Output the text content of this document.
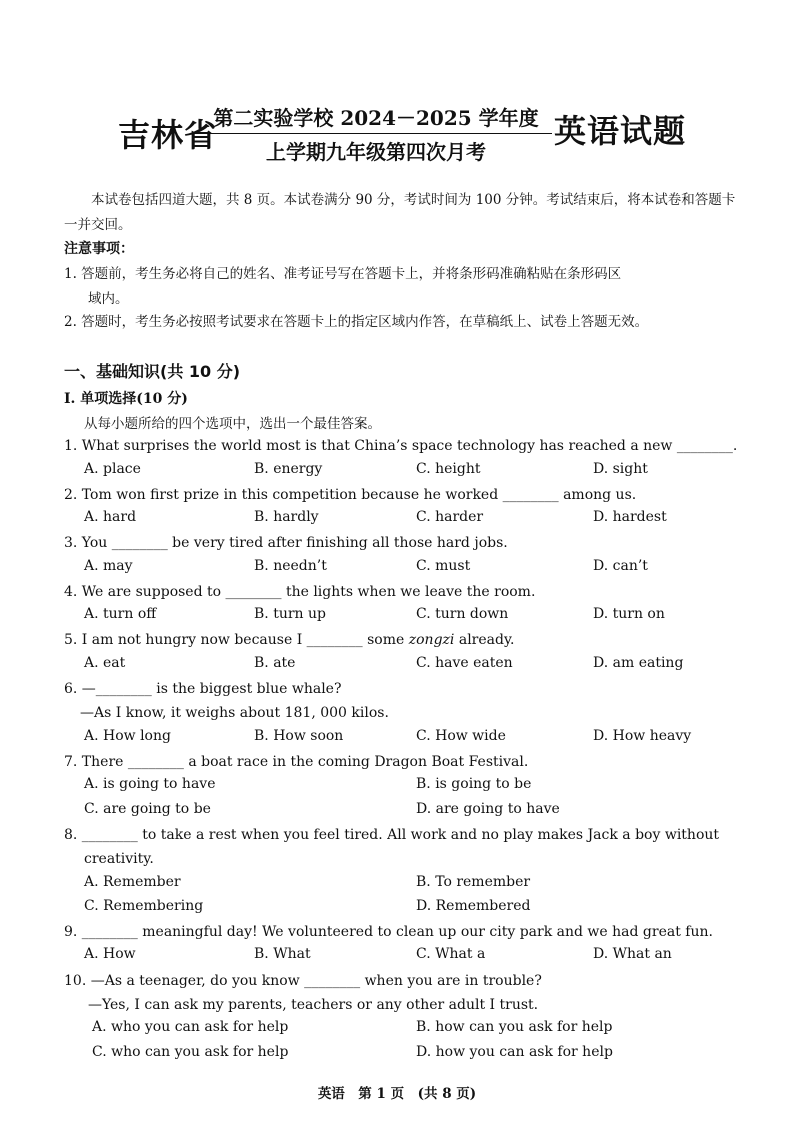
吉林省
第二实验学校 2024－2025 学年度
上学期九年级第四次月考
英语试题
本试卷包括四道大题，共 8 页。本试卷满分 90 分，考试时间为 100 分钟。考试结束后，将本试卷和答题卡一并交回。
注意事项：
1. 答题前，考生务必将自己的姓名、准考证号写在答题卡上，并将条形码准确粘贴在条形码区
域内。
2. 答题时，考生务必按照考试要求在答题卡上的指定区域内作答，在草稿纸上、试卷上答题无效。
一、基础知识(共 10 分)
Ⅰ. 单项选择(10 分)
从每小题所给的四个选项中，选出一个最佳答案。
1. What surprises the world most is that China’s space technology has reached a new ________.
A. place	B. energy	C. height	D. sight
2. Tom won first prize in this competition because he worked ________ among us.
A. hard	B. hardly	C. harder	D. hardest
3. You ________ be very tired after finishing all those hard jobs.
A. may	B. needn’t	C. must	D. can’t
4. We are supposed to ________ the lights when we leave the room.
A. turn off	B. turn up	C. turn down	D. turn on
5. I am not hungry now because I ________ some zongzi already.
A. eat	B. ate	C. have eaten	D. am eating
6. —________ is the biggest blue whale?
—As I know, it weighs about 181, 000 kilos.
A. How long	B. How soon	C. How wide	D. How heavy
7. There ________ a boat race in the coming Dragon Boat Festival.
A. is going to have	B. is going to be
C. are going to be	D. are going to have
8. ________ to take a rest when you feel tired. All work and no play makes Jack a boy without
creativity.
A. Remember	B. To remember
C. Remembering	D. Remembered
9. ________ meaningful day! We volunteered to clean up our city park and we had great fun.
A. How	B. What	C. What a	D. What an
10. —As a teenager, do you know ________ when you are in trouble?
—Yes, I can ask my parents, teachers or any other adult I trust.
A. who you can ask for help	B. how can you ask for help
C. who can you ask for help	D. how you can ask for help
英语　第 1 页　(共 8 页)
